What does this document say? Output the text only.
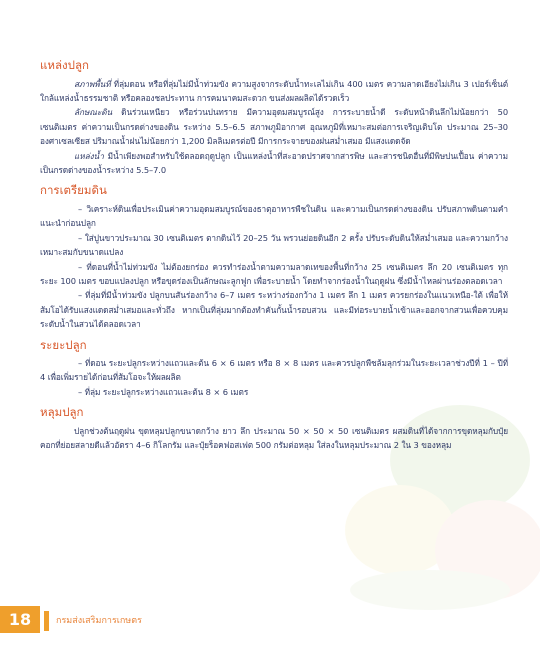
แหล่งปลูก

สภาพพื้นที่ ที่ลุ่มดอน หรือที่ลุ่มไม่มีน้ำท่วมขัง ความสูงจากระดับน้ำทะเลไม่เกิน 400 เมตร ความลาดเอียงไม่เกิน 3 เปอร์เซ็นต์ ใกล้แหล่งน้ำธรรมชาติ หรือคลองชลประทาน การคมนาคมสะดวก ขนส่งผลผลิตได้รวดเร็ว

ลักษณะดิน ดินร่วนเหนียว หรือร่วนปนทราย มีความอุดมสมบูรณ์สูง การระบายน้ำดี ระดับหน้าดินลึกไม่น้อยกว่า 50 เซนติเมตร ค่าความเป็นกรดด่างของดิน ระหว่าง 5.5–6.5 สภาพภูมิอากาศ อุณหภูมิที่เหมาะสมต่อการเจริญเติบโต ประมาณ 25–30 องศาเซลเซียส ปริมาณน้ำฝนไม่น้อยกว่า 1,200 มิลลิเมตรต่อปี มีการกระจายของฝนสม่ำเสมอ มีแสงแดดจัด

แหล่งน้ำ มีน้ำเพียงพอสำหรับใช้ตลอดฤดูปลูก เป็นแหล่งน้ำที่สะอาดปราศจากสารพิษ และสารชนิดอื่นที่มีพิษปนเปื้อน ค่าความเป็นกรดด่างของน้ำระหว่าง 5.5–7.0

การเตรียมดิน

– วิเคราะห์ดินเพื่อประเมินค่าความอุดมสมบูรณ์ของธาตุอาหารพืชในดิน และความเป็นกรดด่างของดิน ปรับสภาพดินตามคำแนะนำก่อนปลูก

– ใส่ปูนขาวประมาณ 30 เซนติเมตร ตากดินไว้ 20–25 วัน พรวนย่อยดินอีก 2 ครั้ง ปรับระดับดินให้สม่ำเสมอ และความกว้างเหมาะสมกับขนาดแปลง

– ที่ดอนที่น้ำไม่ท่วมขัง ไม่ต้องยกร่อง ควรทำร่องน้ำตามความลาดเทของพื้นที่กว้าง 25 เซนติเมตร ลึก 20 เซนติเมตร ทุกระยะ 100 เมตร ขอบแปลงปลูก หรือขุดร่องเป็นลักษณะลูกฟูก เพื่อระบายน้ำ โดยทำจากร่องน้ำในฤดูฝน ซึ่งมีน้ำไหลผ่านร่องตลอดเวลา

– ที่ลุ่มที่มีน้ำท่วมขัง ปลูกบนสันร่องกว้าง 6–7 เมตร ระหว่างร่องกว้าง 1 เมตร ลึก 1 เมตร ควรยกร่องในแนวเหนือ-ใต้ เพื่อให้ส้มโอได้รับแสงแดดสม่ำเสมอและทั่วถึง หากเป็นที่ลุ่มมากต้องทำคันกั้นน้ำรอบสวน และมีท่อระบายน้ำเข้าและออกจากสวนเพื่อควบคุมระดับน้ำในสวนได้ตลอดเวลา

ระยะปลูก

– ที่ดอน ระยะปลูกระหว่างแถวและต้น 6 × 6 เมตร หรือ 8 × 8 เมตร และควรปลูกพืชล้มลุกร่วมในระยะเวลาช่วงปีที่ 1 – ปีที่ 4 เพื่อเพิ่มรายได้ก่อนที่ส้มโอจะให้ผลผลิต

– ที่ลุ่ม ระยะปลูกระหว่างแถวและต้น 8 × 6 เมตร

หลุมปลูก

ปลูกช่วงต้นฤดูฝน ขุดหลุมปลูกขนาดกว้าง ยาว ลึก ประมาณ 50 × 50 × 50 เซนติเมตร ผสมดินที่ได้จากการขุดหลุมกับปุ๋ยคอกที่ย่อยสลายดีแล้วอัตรา 4–6 กิโลกรัม และปุ๋ยร็อคฟอสเฟต 500 กรัมต่อหลุม ใส่ลงในหลุมประมาณ 2 ใน 3 ของหลุม

18	กรมส่งเสริมการเกษตร
